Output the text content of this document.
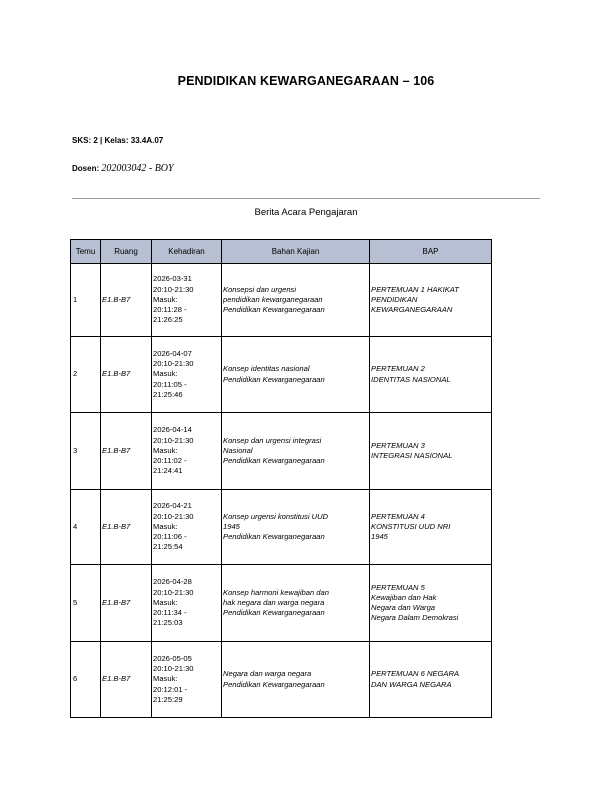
PENDIDIKAN KEWARGANEGARAAN – 106
SKS: 2 | Kelas: 33.4A.07
Dosen: 202003042 - BOY
Berita Acara Pengajaran
Temu	Ruang	Kehadiran	Bahan Kajian	BAP
1	E1.B-B7	2026-03-31
20:10-21:30
Masuk:
20:11:28 -
21:26:25	Konsepsi dan urgensi
pendidikan kewarganegaraan
Pendidikan Kewarganegaraan	PERTEMUAN 1 HAKIKAT
PENDIDIKAN
KEWARGANEGARAAN

2	E1.B-B7	2026-04-07
20:10-21:30
Masuk:
20:11:05 -
21:25:46	Konsep identitas nasional
Pendidikan Kewarganegaraan	PERTEMUAN 2
IDENTITAS NASIONAL

3	E1.B-B7	2026-04-14
20:10-21:30
Masuk:
20:11:02 -
21:24:41	Konsep dan urgensi integrasi
Nasional
Pendidikan Kewarganegaraan	PERTEMUAN 3
INTEGRASI NASIONAL

4	E1.B-B7	2026-04-21
20:10-21:30
Masuk:
20:11:06 -
21:25:54	Konsep urgensi konstitusi UUD
1945
Pendidikan Kewarganegaraan	PERTEMUAN 4
KONSTITUSI UUD NRI
1945

5	E1.B-B7	2026-04-28
20:10-21:30
Masuk:
20:11:34 -
21:25:03	Konsep harmoni kewajiban dan
hak negara dan warga negara
Pendidikan Kewarganegaraan	PERTEMUAN 5
Kewajiban dan Hak
Negara dan Warga
Negara Dalam Demokrasi

6	E1.B-B7	2026-05-05
20:10-21:30
Masuk:
20:12:01 -
21:25:29	Negara dan warga negara
Pendidikan Kewarganegaraan	PERTEMUAN 6 NEGARA
DAN WARGA NEGARA
